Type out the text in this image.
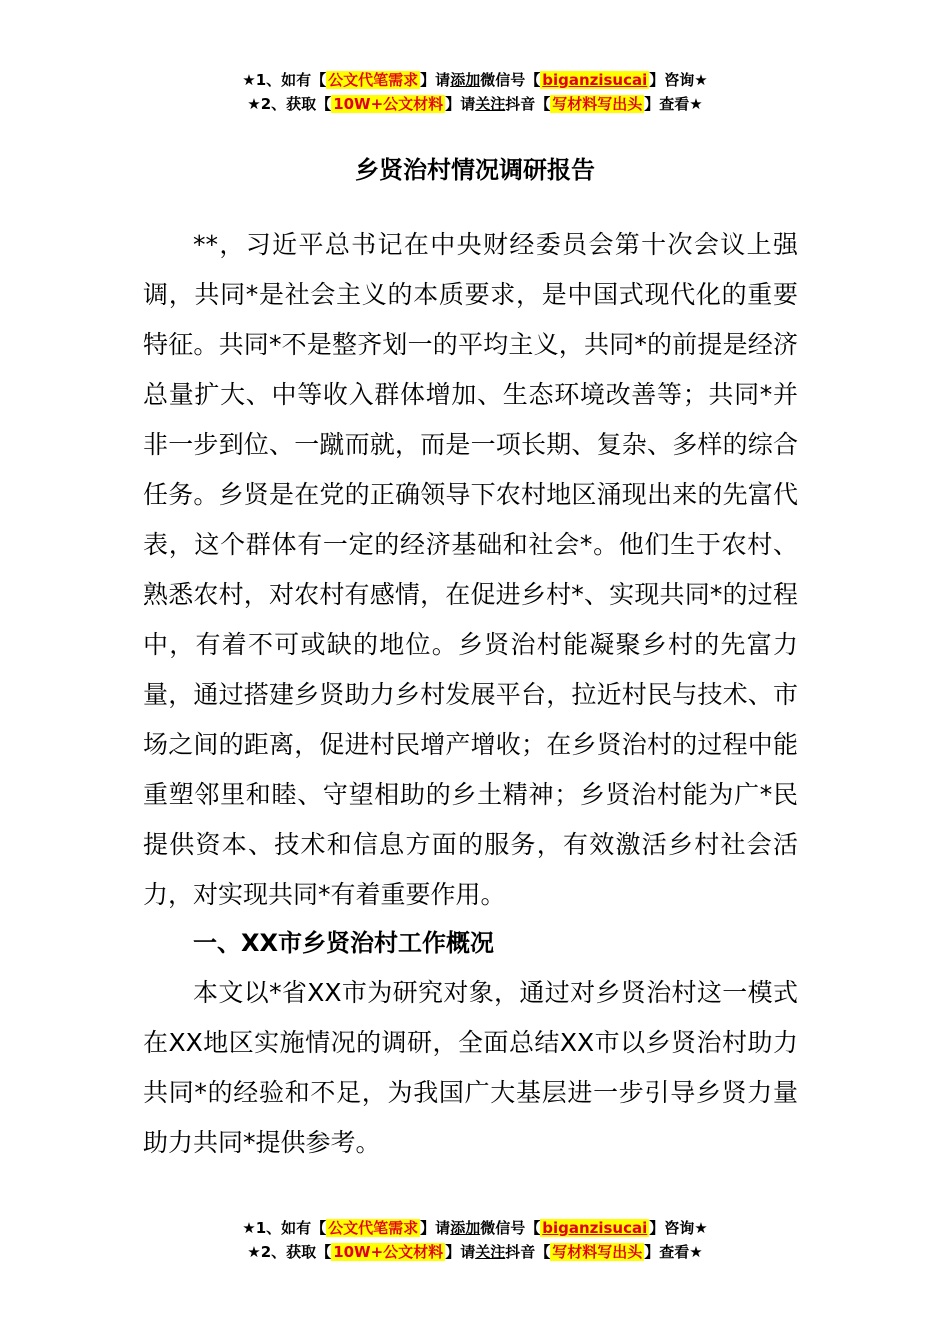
★1、如有【 公文代笔需求 】请添加微信号【 biganzisucai 】咨询★
★2、获取【 10W+公文材料 】请关注抖音【 写材料写出头 】查看★
乡贤治村情况调研报告

**，习近平总书记在中央财经委员会第十次会议上强调，共同*是社会主义的本质要求，是中国式现代化的重要特征。共同*不是整齐划一的平均主义，共同*的前提是经济总量扩大、中等收入群体增加、生态环境改善等；共同*并非一步到位、一蹴而就，而是一项长期、复杂、多样的综合任务。乡贤是在党的正确领导下农村地区涌现出来的先富代表，这个群体有一定的经济基础和社会*。他们生于农村、熟悉农村，对农村有感情，在促进乡村*、实现共同*的过程中，有着不可或缺的地位。乡贤治村能凝聚乡村的先富力量，通过搭建乡贤助力乡村发展平台，拉近村民与技术、市场之间的距离，促进村民增产增收；在乡贤治村的过程中能重塑邻里和睦、守望相助的乡土精神；乡贤治村能为广*民提供资本、技术和信息方面的服务，有效激活乡村社会活力，对实现共同*有着重要作用。

一、XX市乡贤治村工作概况

本文以*省XX市为研究对象，通过对乡贤治村这一模式在XX地区实施情况的调研，全面总结XX市以乡贤治村助力共同*的经验和不足，为我国广大基层进一步引导乡贤力量助力共同*提供参考。

★1、如有【 公文代笔需求 】请添加微信号【 biganzisucai 】咨询★
★2、获取【 10W+公文材料 】请关注抖音【 写材料写出头 】查看★
